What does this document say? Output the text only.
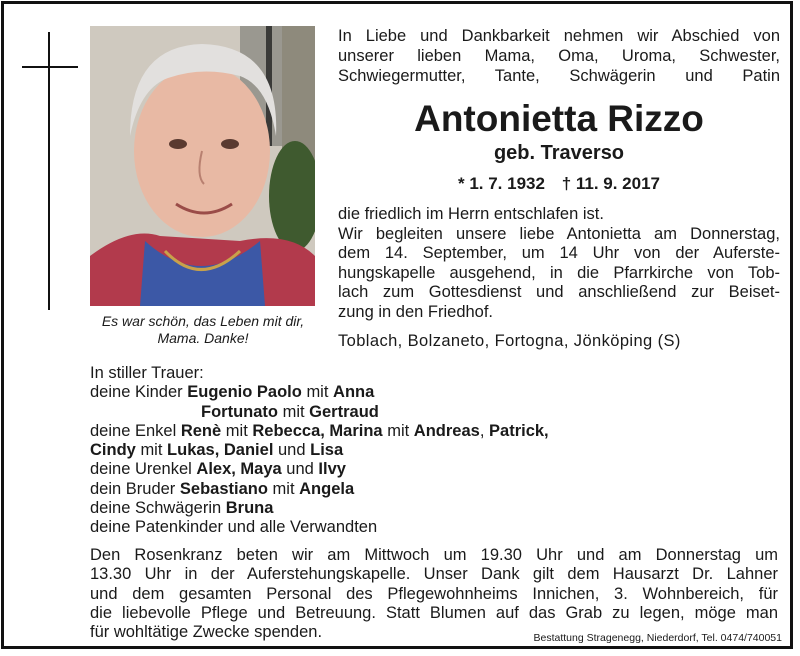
Es war schön, das Leben mit dir,
Mama. Danke!
In Liebe und Dankbarkeit nehmen wir Abschied von
unserer lieben Mama, Oma, Uroma, Schwester,
Schwiegermutter, Tante, Schwägerin und Patin
Antonietta Rizzo
geb. Traverso
* 1. 7. 1932 † 11. 9. 2017
die friedlich im Herrn entschlafen ist.
Wir begleiten unsere liebe Antonietta am Donnerstag,
dem 14. September, um 14 Uhr von der Auferste-
hungskapelle ausgehend, in die Pfarrkirche von Tob-
lach zum Gottesdienst und anschließend zur Beiset-
zung in den Friedhof.
Toblach, Bolzaneto, Fortogna, Jönköping (S)
In stiller Trauer:
deine Kinder Eugenio Paolo mit Anna
Fortunato mit Gertraud
deine Enkel Renè mit Rebecca, Marina mit Andreas, Patrick,
Cindy mit Lukas, Daniel und Lisa
deine Urenkel Alex, Maya und Ilvy
dein Bruder Sebastiano mit Angela
deine Schwägerin Bruna
deine Patenkinder und alle Verwandten
Den Rosenkranz beten wir am Mittwoch um 19.30 Uhr und am Donnerstag um
13.30 Uhr in der Auferstehungskapelle. Unser Dank gilt dem Hausarzt Dr. Lahner
und dem gesamten Personal des Pflegewohnheims Innichen, 3. Wohnbereich, für
die liebevolle Pflege und Betreuung. Statt Blumen auf das Grab zu legen, möge man
für wohltätige Zwecke spenden.	Bestattung Stragenegg, Niederdorf, Tel. 0474/740051
